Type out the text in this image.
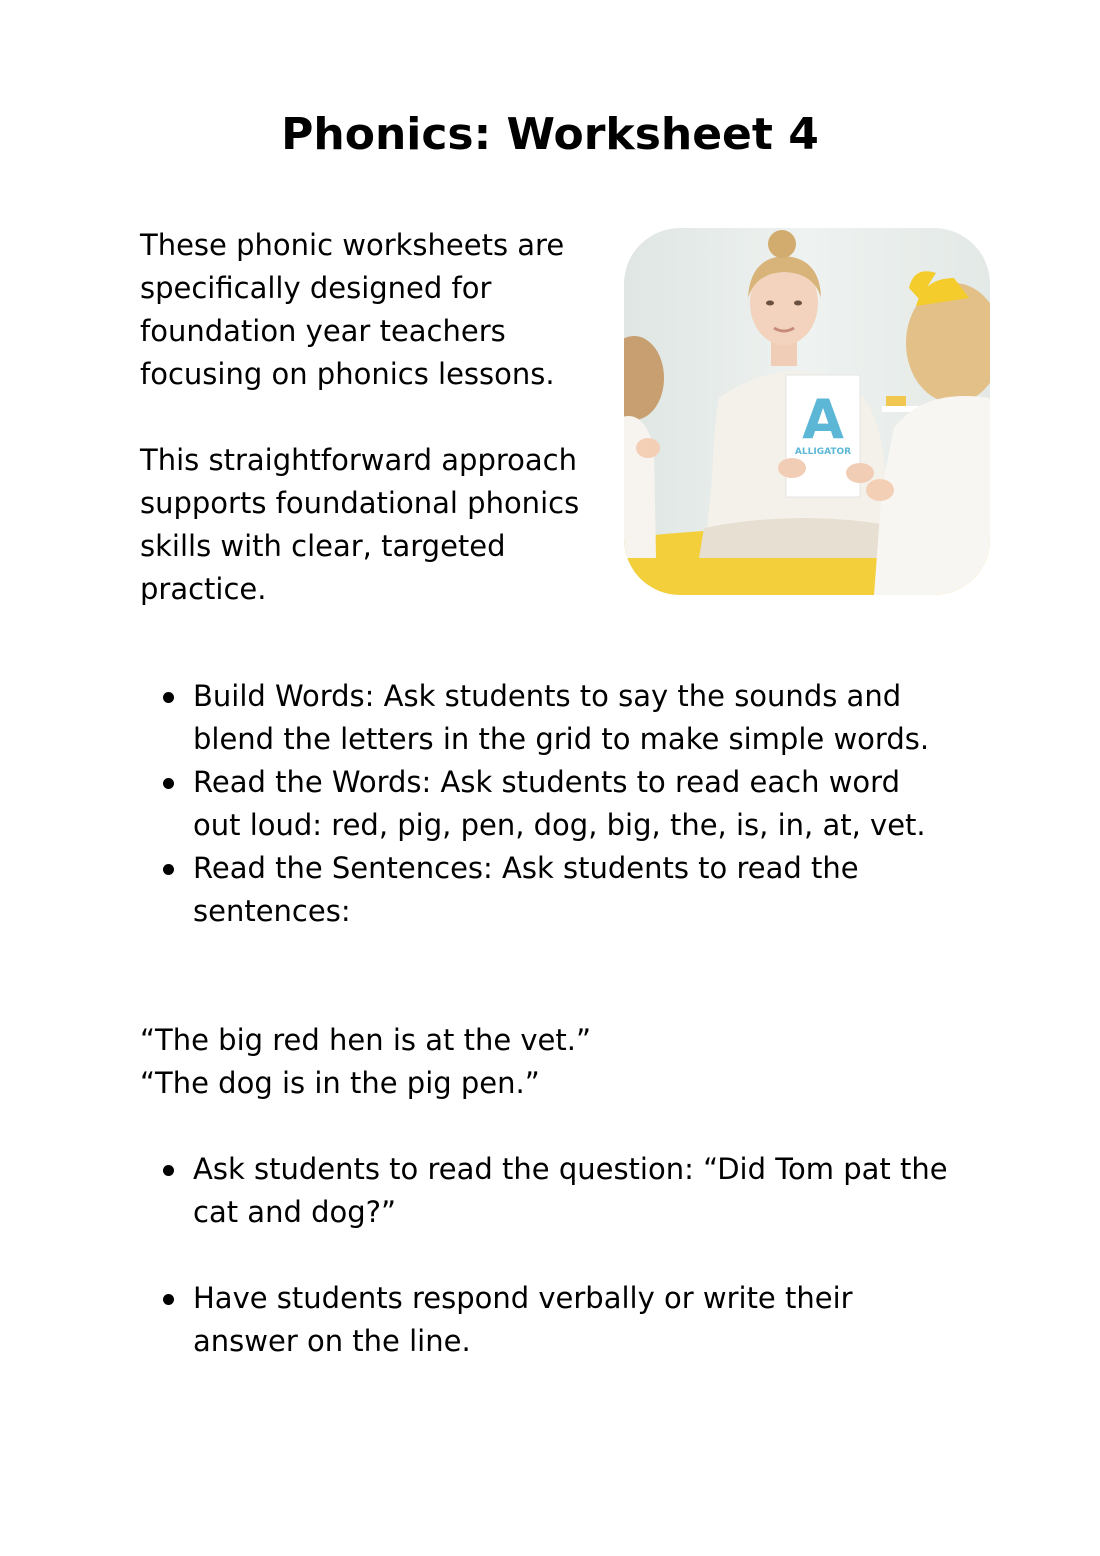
Phonics: Worksheet 4

These phonic worksheets are specifically designed for foundation year teachers focusing on phonics lessons.

This straightforward approach supports foundational phonics skills with clear, targeted practice.

A
ALLIGATOR
Build Words: Ask students to say the sounds and blend the letters in the grid to make simple words.
Read the Words: Ask students to read each word out loud: red, pig, pen, dog, big, the, is, in, at, vet.
Read the Sentences: Ask students to read the sentences:
“The big red hen is at the vet.”
“The dog is in the pig pen.”
Ask students to read the question: “Did Tom pat the cat and dog?”
Have students respond verbally or write their answer on the line.
